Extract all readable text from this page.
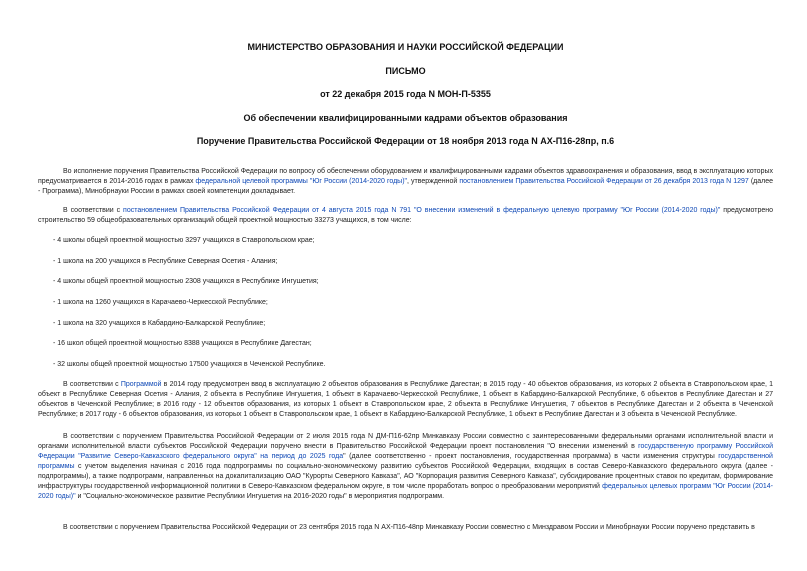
МИНИСТЕРСТВО ОБРАЗОВАНИЯ И НАУКИ РОССИЙСКОЙ ФЕДЕРАЦИИ
ПИСЬМО
от 22 декабря 2015 года N МОН-П-5355
Об обеспечении квалифицированными кадрами объектов образования
Поручение Правительства Российской Федерации от 18 ноября 2013 года N АХ-П16-28пр, п.6

Во исполнение поручения Правительства Российской Федерации по вопросу об обеспечении оборудованием и квалифицированными кадрами объектов здравоохранения и образования, ввод в эксплуатацию которых предусматривается в 2014-2016 годах в рамках федеральной целевой программы "Юг России (2014-2020 годы)", утвержденной постановлением Правительства Российской Федерации от 26 декабря 2013 года N 1297 (далее - Программа), Минобрнауки России в рамках своей компетенции докладывает.

В соответствии с постановлением Правительства Российской Федерации от 4 августа 2015 года N 791 "О внесении изменений в федеральную целевую программу "Юг России (2014-2020 годы)" предусмотрено строительство 59 общеобразовательных организаций общей проектной мощностью 33273 учащихся, в том числе:

- 4 школы общей проектной мощностью 3297 учащихся в Ставропольском крае;

- 1 школа на 200 учащихся в Республике Северная Осетия - Алания;

- 4 школы общей проектной мощностью 2308 учащихся в Республике Ингушетия;

- 1 школа на 1260 учащихся в Карачаево-Черкесской Республике;

- 1 школа на 320 учащихся в Кабардино-Балкарской Республике;

- 16 школ общей проектной мощностью 8388 учащихся в Республике Дагестан;

- 32 школы общей проектной мощностью 17500 учащихся в Чеченской Республике.

В соответствии с Программой в 2014 году предусмотрен ввод в эксплуатацию 2 объектов образования в Республике Дагестан; в 2015 году - 40 объектов образования, из которых 2 объекта в Ставропольском крае, 1 объект в Республике Северная Осетия - Алания, 2 объекта в Республике Ингушетия, 1 объект в Карачаево-Черкесской Республике, 1 объект в Кабардино-Балкарской Республике, 6 объектов в Республике Дагестан и 27 объектов в Чеченской Республике; в 2016 году - 12 объектов образования, из которых 1 объект в Ставропольском крае, 2 объекта в Республике Ингушетия, 7 объектов в Республике Дагестан и 2 объекта в Чеченской Республике; в 2017 году - 6 объектов образования, из которых 1 объект в Ставропольском крае, 1 объект в Кабардино-Балкарской Республике, 1 объект в Республике Дагестан и 3 объекта в Чеченской Республике.

В соответствии с поручением Правительства Российской Федерации от 2 июля 2015 года N ДМ-П16-62пр Минкавказу России совместно с заинтересованными федеральными органами исполнительной власти и органами исполнительной власти субъектов Российской Федерации поручено внести в Правительство Российской Федерации проект постановления "О внесении изменений в государственную программу Российской Федерации "Развитие Северо-Кавказского федерального округа" на период до 2025 года" (далее соответственно - проект постановления, государственная программа) в части изменения структуры государственной программы с учетом выделения начиная с 2016 года подпрограммы по социально-экономическому развитию субъектов Российской Федерации, входящих в состав Северо-Кавказского федерального округа (далее - подпрограммы), а также подпрограмм, направленных на докапитализацию ОАО "Курорты Северного Кавказа", АО "Корпорация развития Северного Кавказа", субсидирование процентных ставок по кредитам, формирование инфраструктуры государственной информационной политики в Северо-Кавказском федеральном округе, в том числе проработать вопрос о преобразовании мероприятий федеральных целевых программ "Юг России (2014-2020 годы)" и "Социально-экономическое развитие Республики Ингушетия на 2016-2020 годы" в мероприятия подпрограмм.

В соответствии с поручением Правительства Российской Федерации от 23 сентября 2015 года N АХ-П16-48пр Минкавказу России совместно с Минздравом России и Минобрнауки России поручено представить в
